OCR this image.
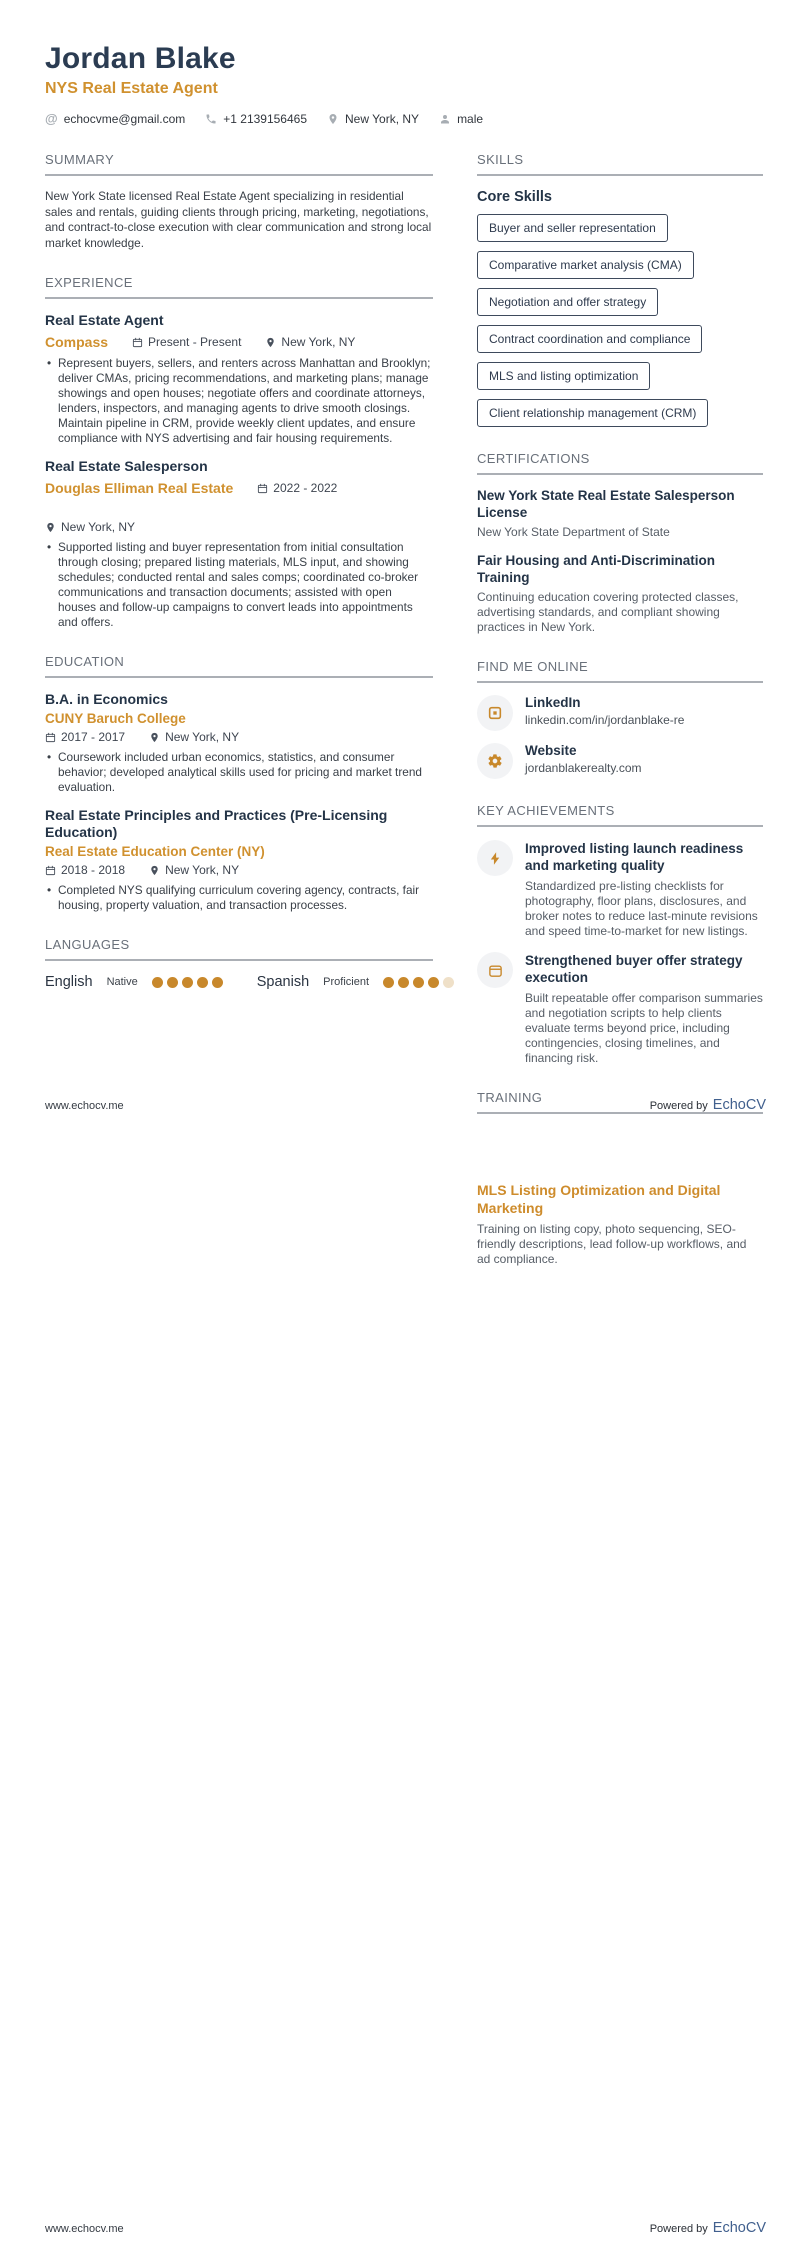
Jordan Blake
NYS Real Estate Agent
@ echocvme@gmail.com	+1 2139156465	New York, NY	male
SUMMARY

New York State licensed Real Estate Agent specializing in residential sales and rentals, guiding clients through pricing, marketing, negotiations, and contract-to-close execution with clear communication and strong local market knowledge.

EXPERIENCE
Real Estate Agent
Compass	Present - Present	New York, NY
• Represent buyers, sellers, and renters across Manhattan and Brooklyn; deliver CMAs, pricing recommendations, and marketing plans; manage showings and open houses; negotiate offers and coordinate attorneys, lenders, inspectors, and managing agents to drive smooth closings. Maintain pipeline in CRM, provide weekly client updates, and ensure compliance with NYS advertising and fair housing requirements.
Real Estate Salesperson
Douglas Elliman Real Estate	2022 - 2022
New York, NY
• Supported listing and buyer representation from initial consultation through closing; prepared listing materials, MLS input, and showing schedules; conducted rental and sales comps; coordinated co-broker communications and transaction documents; assisted with open houses and follow-up campaigns to convert leads into appointments and offers.
EDUCATION
B.A. in Economics
CUNY Baruch College
2017 - 2017	New York, NY
• Coursework included urban economics, statistics, and consumer behavior; developed analytical skills used for pricing and market trend evaluation.
Real Estate Principles and Practices (Pre-Licensing Education)
Real Estate Education Center (NY)
2018 - 2018	New York, NY
• Completed NYS qualifying curriculum covering agency, contracts, fair housing, property valuation, and transaction processes.
LANGUAGES
English Native	Spanish Proficient
SKILLS
Core Skills
Buyer and seller representation
Comparative market analysis (CMA)
Negotiation and offer strategy
Contract coordination and compliance
MLS and listing optimization
Client relationship management (CRM)
CERTIFICATIONS
New York State Real Estate Salesperson License
New York State Department of State
Fair Housing and Anti-Discrimination Training
Continuing education covering protected classes, advertising standards, and compliant showing practices in New York.
FIND ME ONLINE
LinkedIn
linkedin.com/in/jordanblake-re
Website
jordanblakerealty.com
KEY ACHIEVEMENTS
Improved listing launch readiness and marketing quality
Standardized pre-listing checklists for photography, floor plans, disclosures, and broker notes to reduce last-minute revisions and speed time-to-market for new listings.
Strengthened buyer offer strategy execution
Built repeatable offer comparison summaries and negotiation scripts to help clients evaluate terms beyond price, including contingencies, closing timelines, and financing risk.
TRAINING
www.echocv.me	Powered by EchoCV
MLS Listing Optimization and Digital Marketing
Training on listing copy, photo sequencing, SEO-friendly descriptions, lead follow-up workflows, and ad compliance.
www.echocv.me	Powered by EchoCV
